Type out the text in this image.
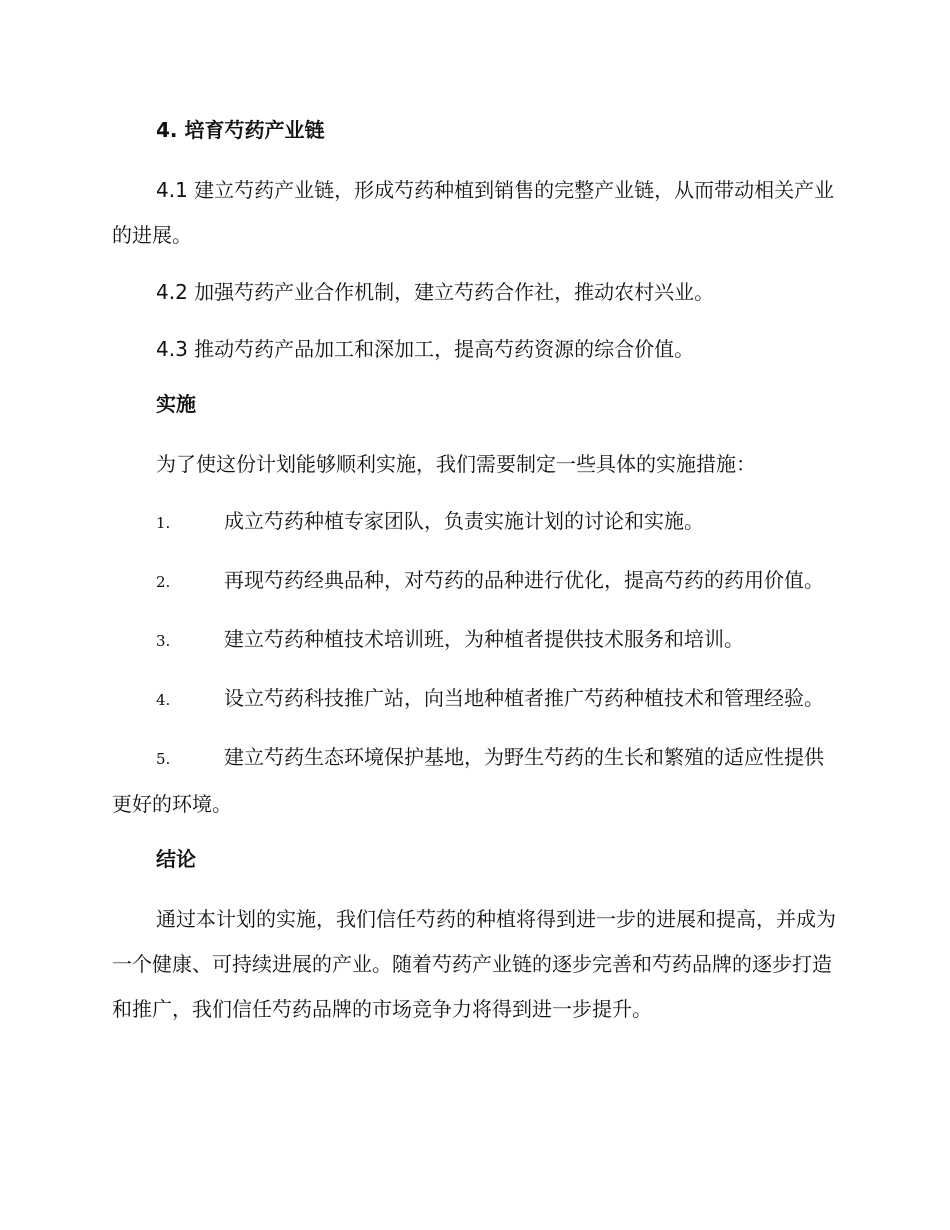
4. 培育芍药产业链
4.1 建立芍药产业链，形成芍药种植到销售的完整产业链，从而带动相关产业的进展。
4.2 加强芍药产业合作机制，建立芍药合作社，推动农村兴业。
4.3 推动芍药产品加工和深加工，提高芍药资源的综合价值。
实施
为了使这份计划能够顺利实施，我们需要制定一些具体的实施措施：
1.	成立芍药种植专家团队，负责实施计划的讨论和实施。
2.	再现芍药经典品种，对芍药的品种进行优化，提高芍药的药用价值。
3.	建立芍药种植技术培训班，为种植者提供技术服务和培训。
4.	设立芍药科技推广站，向当地种植者推广芍药种植技术和管理经验。
5.	建立芍药生态环境保护基地，为野生芍药的生长和繁殖的适应性提供更好的环境。
结论
通过本计划的实施，我们信任芍药的种植将得到进一步的进展和提高，并成为一个健康、可持续进展的产业。随着芍药产业链的逐步完善和芍药品牌的逐步打造和推广，我们信任芍药品牌的市场竞争力将得到进一步提升。
